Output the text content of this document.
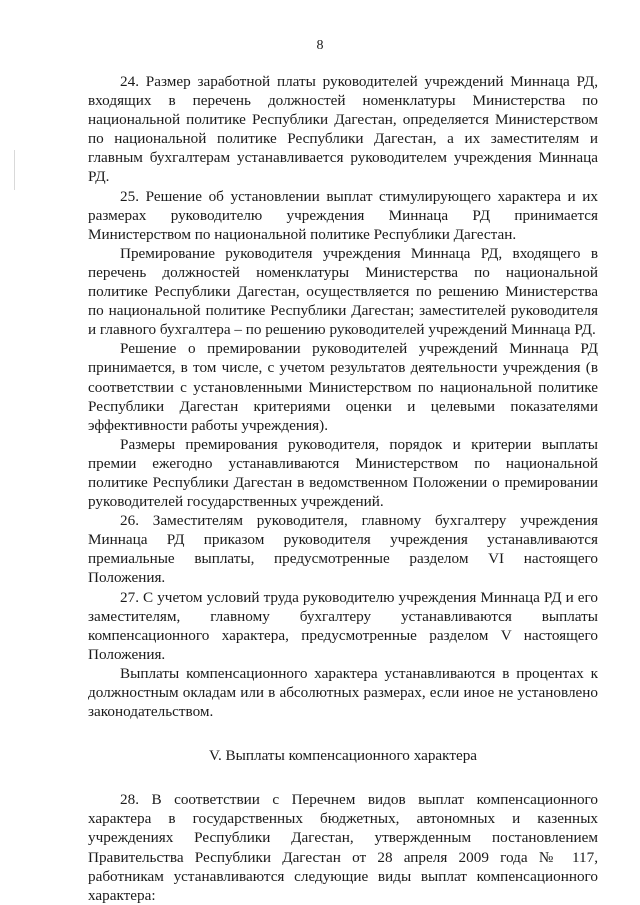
8

24. Размер заработной платы руководителей учреждений Миннаца РД, входящих в перечень должностей номенклатуры Министерства по национальной политике Республики Дагестан, определяется Министерством по национальной политике Республики Дагестан, а их заместителям и главным бухгалтерам устанавливается руководителем учреждения Миннаца РД.

25. Решение об установлении выплат стимулирующего характера и их размерах руководителю учреждения Миннаца РД принимается Министерством по национальной политике Республики Дагестан.

Премирование руководителя учреждения Миннаца РД, входящего в перечень должностей номенклатуры Министерства по национальной политике Республики Дагестан, осуществляется по решению Министерства по национальной политике Республики Дагестан; заместителей руководителя и главного бухгалтера – по решению руководителей учреждений Миннаца РД.

Решение о премировании руководителей учреждений Миннаца РД принимается, в том числе, с учетом результатов деятельности учреждения (в соответствии с установленными Министерством по национальной политике Республики Дагестан критериями оценки и целевыми показателями эффективности работы учреждения).

Размеры премирования руководителя, порядок и критерии выплаты премии ежегодно устанавливаются Министерством по национальной политике Республики Дагестан в ведомственном Положении о премировании руководителей государственных учреждений.

26. Заместителям руководителя, главному бухгалтеру учреждения Миннаца РД приказом руководителя учреждения устанавливаются премиальные выплаты, предусмотренные разделом VI настоящего Положения.

27. С учетом условий труда руководителю учреждения Миннаца РД и его заместителям, главному бухгалтеру устанавливаются выплаты компенсационного характера, предусмотренные разделом V настоящего Положения.

Выплаты компенсационного характера устанавливаются в процентах к должностным окладам или в абсолютных размерах, если иное не установлено законодательством.

V. Выплаты компенсационного характера

28. В соответствии с Перечнем видов выплат компенсационного характера в государственных бюджетных, автономных и казенных учреждениях Республики Дагестан, утвержденным постановлением Правительства Республики Дагестан от 28 апреля 2009 года № 117, работникам устанавливаются следующие виды выплат компенсационного характера:
